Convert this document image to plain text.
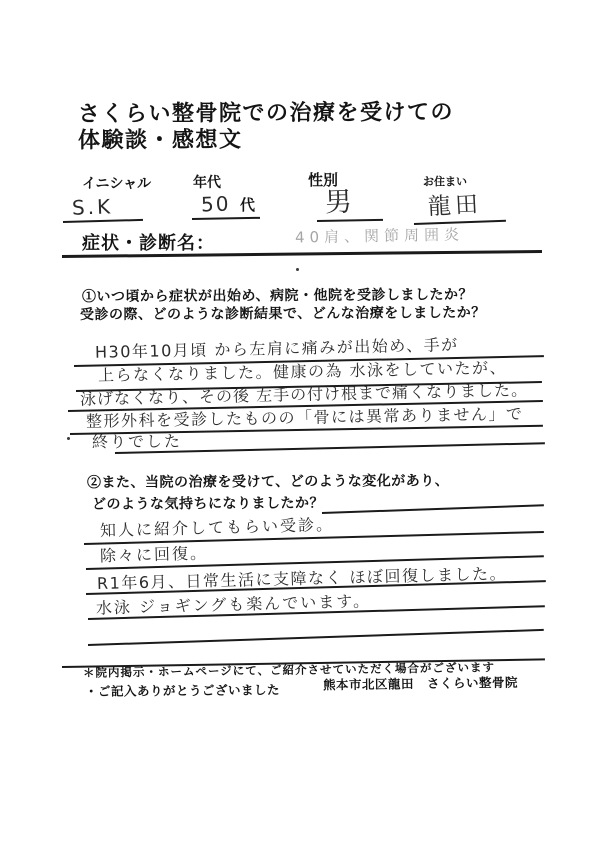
さくらい整骨院での治療を受けての
体験談・感想文
イニシャル	年代	性別	お住まい
S.K	50 代	男	龍田
症状・診断名：	40肩、関節周囲炎
①いつ頃から症状が出始め、病院・他院を受診しましたか？
受診の際、どのような診断結果で、どんな治療をしましたか？
H30年10月頃 から左肩に痛みが出始め、手が
上らなくなりました。健康の為 水泳をしていたが、
泳げなくなり、その後 左手の付け根まで痛くなりました。
整形外科を受診したものの「骨には異常ありません」で
終りでした
②また、当院の治療を受けて、どのような変化があり、
どのような気持ちになりましたか？
知人に紹介してもらい受診。
除々に回復。
R1年6月、日常生活に支障なく ほぼ回復しました。
水泳 ジョギングも楽んでいます。
＊院内掲示・ホームページにて、ご紹介させていただく場合がございます
・ご記入ありがとうございました	熊本市北区龍田　さくらい整骨院
